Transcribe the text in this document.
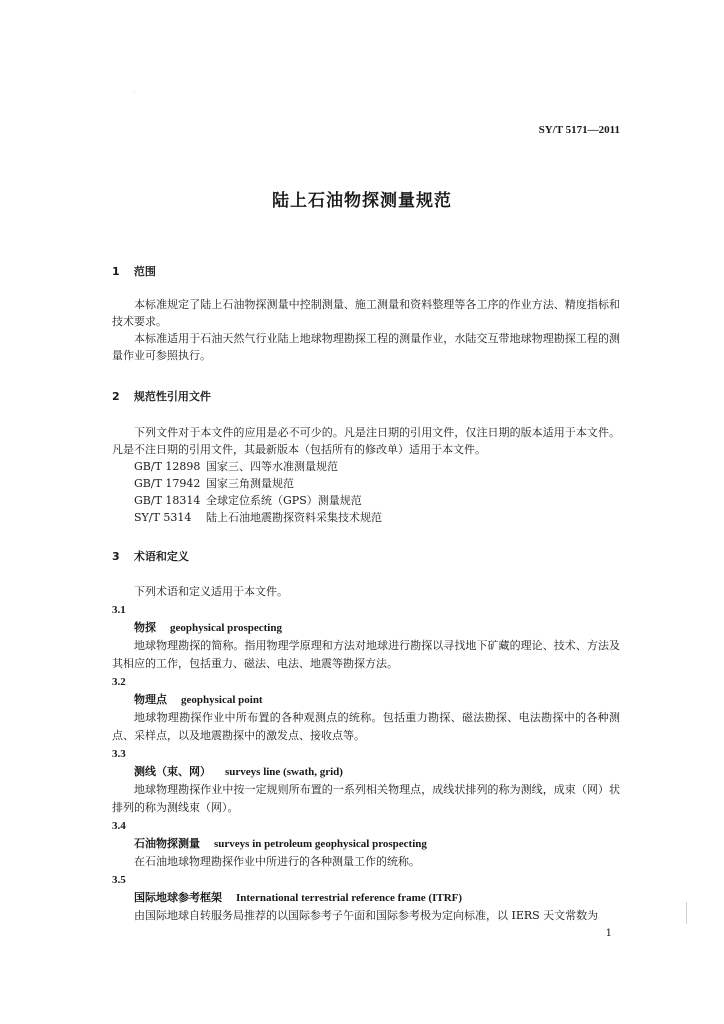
·
SY/T 5171—2011
陆上石油物探测量规范
1 范围

本标准规定了陆上石油物探测量中控制测量、施工测量和资料整理等各工序的作业方法、精度指标和技术要求。

本标准适用于石油天然气行业陆上地球物理勘探工程的测量作业，水陆交互带地球物理勘探工程的测量作业可参照执行。

2 规范性引用文件

下列文件对于本文件的应用是必不可少的。凡是注日期的引用文件，仅注日期的版本适用于本文件。凡是不注日期的引用文件，其最新版本（包括所有的修改单）适用于本文件。

GB/T 12898 国家三、四等水准测量规范
GB/T 17942 国家三角测量规范
GB/T 18314 全球定位系统（GPS）测量规范
SY/T 5314 陆上石油地震勘探资料采集技术规范
3 术语和定义

下列术语和定义适用于本文件。

3.1
物探 geophysical prospecting

地球物理勘探的简称。指用物理学原理和方法对地球进行勘探以寻找地下矿藏的理论、技术、方法及其相应的工作，包括重力、磁法、电法、地震等勘探方法。

3.2
物理点 geophysical point

地球物理勘探作业中所布置的各种观测点的统称。包括重力勘探、磁法勘探、电法勘探中的各种测点、采样点，以及地震勘探中的激发点、接收点等。

3.3
测线（束、网） surveys line (swath, grid)

地球物理勘探作业中按一定规则所布置的一系列相关物理点，成线状排列的称为测线，成束（网）状排列的称为测线束（网）。

3.4
石油物探测量 surveys in petroleum geophysical prospecting

在石油地球物理勘探作业中所进行的各种测量工作的统称。

3.5
国际地球参考框架 International terrestrial reference frame (ITRF)

由国际地球自转服务局推荐的以国际参考子午面和国际参考极为定向标准，以 IERS 天文常数为

1
